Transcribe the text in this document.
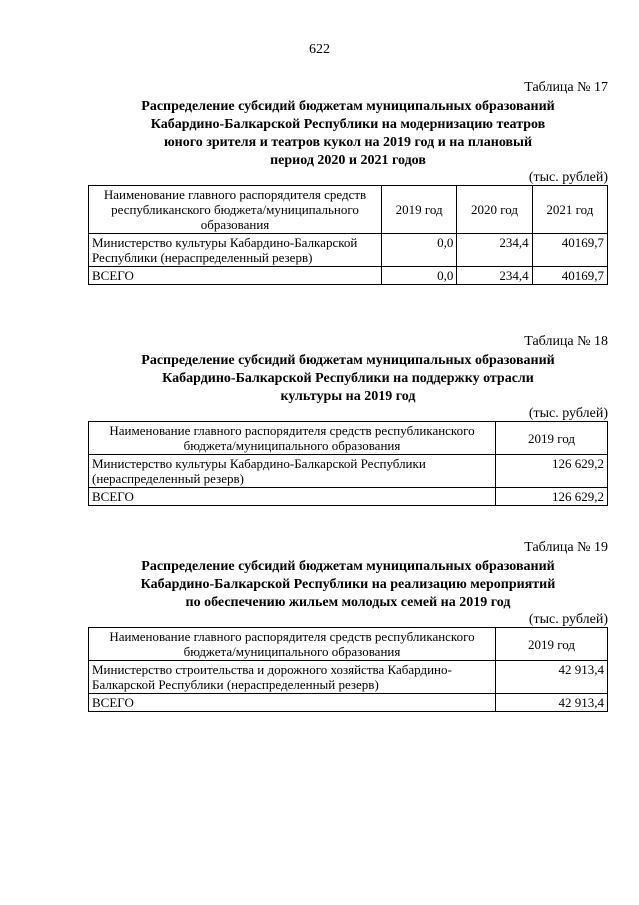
622
Таблица № 17
Распределение субсидий бюджетам муниципальных образований
Кабардино-Балкарской Республики на модернизацию театров
юного зрителя и театров кукол на 2019 год и на плановый
период 2020 и 2021 годов
(тыс. рублей)
Наименование главного распорядителя средств республиканского бюджета/муниципального образования	2019 год	2020 год	2021 год
Министерство культуры Кабардино-Балкарской Республики (нераспределенный резерв)	0,0	234,4	40169,7
ВСЕГО	0,0	234,4	40169,7
Таблица № 18
Распределение субсидий бюджетам муниципальных образований
Кабардино-Балкарской Республики на поддержку отрасли
культуры на 2019 год
(тыс. рублей)
Наименование главного распорядителя средств республиканского бюджета/муниципального образования	2019 год
Министерство культуры Кабардино-Балкарской Республики (нераспределенный резерв)	126 629,2
ВСЕГО	126 629,2
Таблица № 19
Распределение субсидий бюджетам муниципальных образований
Кабардино-Балкарской Республики на реализацию мероприятий
по обеспечению жильем молодых семей на 2019 год
(тыс. рублей)
Наименование главного распорядителя средств республиканского бюджета/муниципального образования	2019 год
Министерство строительства и дорожного хозяйства Кабардино-Балкарской Республики (нераспределенный резерв)	42 913,4
ВСЕГО	42 913,4
